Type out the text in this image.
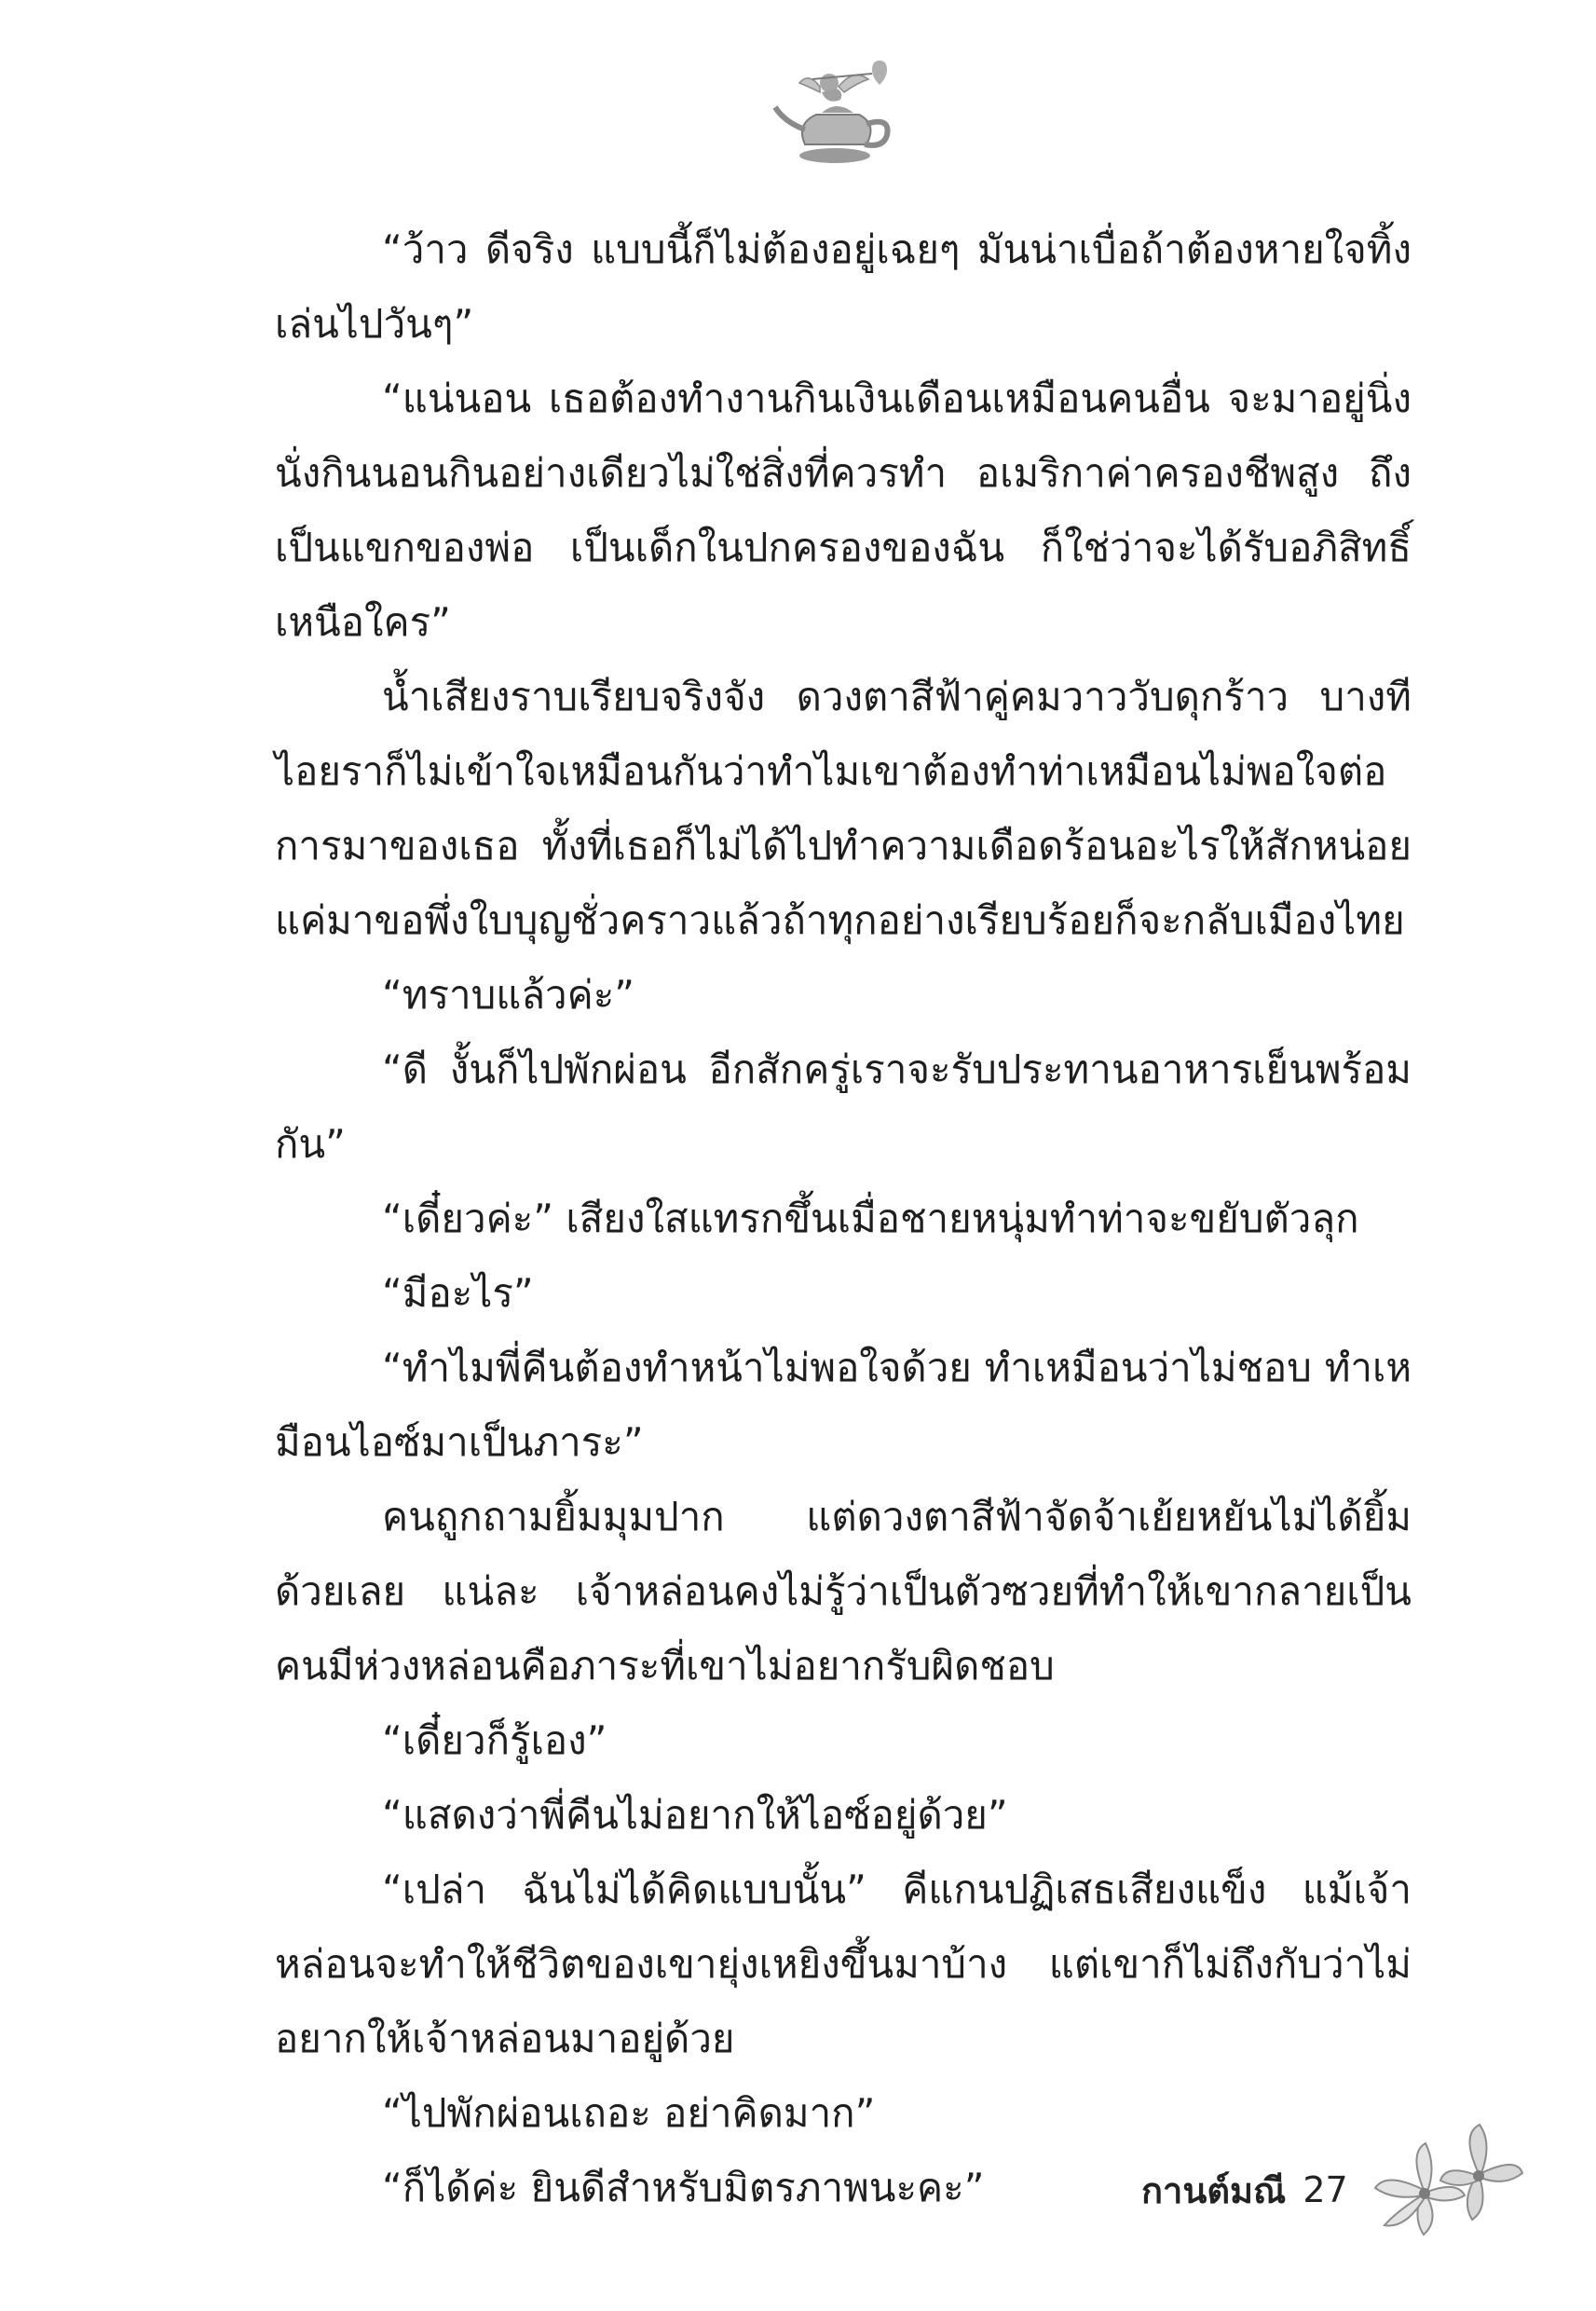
“ว้าว ดีจริง แบบนี้ก็ไม่ต้องอยู่เฉยๆ มันน่าเบื่อถ้าต้องหายใจทิ้งเล่นไปวันๆ”

“แน่นอน เธอต้องทำงานกินเงินเดือนเหมือนคนอื่น จะมาอยู่นิ่งนั่งกินนอนกินอย่างเดียวไม่ใช่สิ่งที่ควรทำ อเมริกาค่าครองชีพสูง ถึงเป็นแขกของพ่อ เป็นเด็กในปกครองของฉัน ก็ใช่ว่าจะได้รับอภิสิทธิ์เหนือใคร”

น้ำเสียงราบเรียบจริงจัง ดวงตาสีฟ้าคู่คมวาววับดุกร้าว บางทีไอยราก็ไม่เข้าใจเหมือนกันว่าทำไมเขาต้องทำท่าเหมือนไม่พอใจต่อการมาของเธอ ทั้งที่เธอก็ไม่ได้ไปทำความเดือดร้อนอะไรให้สักหน่อย แค่มาขอพึ่งใบบุญชั่วคราวแล้วถ้าทุกอย่างเรียบร้อยก็จะกลับเมืองไทย

“ทราบแล้วค่ะ”

“ดี งั้นก็ไปพักผ่อน อีกสักครู่เราจะรับประทานอาหารเย็นพร้อมกัน”

“เดี๋ยวค่ะ” เสียงใสแทรกขึ้นเมื่อชายหนุ่มทำท่าจะขยับตัวลุก

“มีอะไร”

“ทำไมพี่คีนต้องทำหน้าไม่พอใจด้วย ทำเหมือนว่าไม่ชอบ ทำเหมือนไอซ์มาเป็นภาระ”

คนถูกถามยิ้มมุมปาก แต่ดวงตาสีฟ้าจัดจ้าเย้ยหยันไม่ได้ยิ้มด้วยเลย แน่ละ เจ้าหล่อนคงไม่รู้ว่าเป็นตัวซวยที่ทำให้เขากลายเป็นคนมีห่วงหล่อนคือภาระที่เขาไม่อยากรับผิดชอบ

“เดี๋ยวก็รู้เอง”

“แสดงว่าพี่คีนไม่อยากให้ไอซ์อยู่ด้วย”

“เปล่า ฉันไม่ได้คิดแบบนั้น” คีแกนปฏิเสธเสียงแข็ง แม้เจ้าหล่อนจะทำให้ชีวิตของเขายุ่งเหยิงขึ้นมาบ้าง แต่เขาก็ไม่ถึงกับว่าไม่อยากให้เจ้าหล่อนมาอยู่ด้วย

“ไปพักผ่อนเถอะ อย่าคิดมาก”

“ก็ได้ค่ะ ยินดีสำหรับมิตรภาพนะคะ”	กานต์มณี 27
